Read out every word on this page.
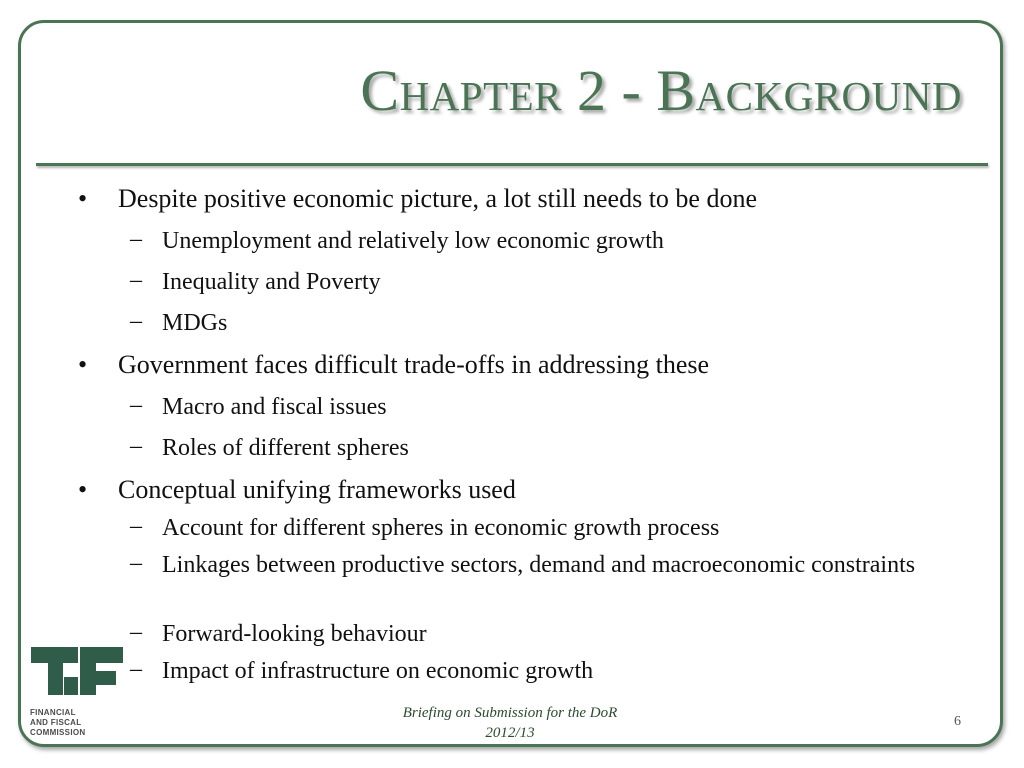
Chapter 2 - Background
• Despite positive economic picture, a lot still needs to be done
– Unemployment and relatively low economic growth
– Inequality and Poverty
– MDGs
• Government faces difficult trade-offs in addressing these
– Macro and fiscal issues
– Roles of different spheres
• Conceptual unifying frameworks used
– Account for different spheres in economic growth process
– Linkages between productive sectors, demand and macroeconomic constraints
– Forward-looking behaviour
– Impact of infrastructure on economic growth
FINANCIAL
AND FISCAL
COMMISSION
Briefing on Submission for the DoR
2012/13
6
